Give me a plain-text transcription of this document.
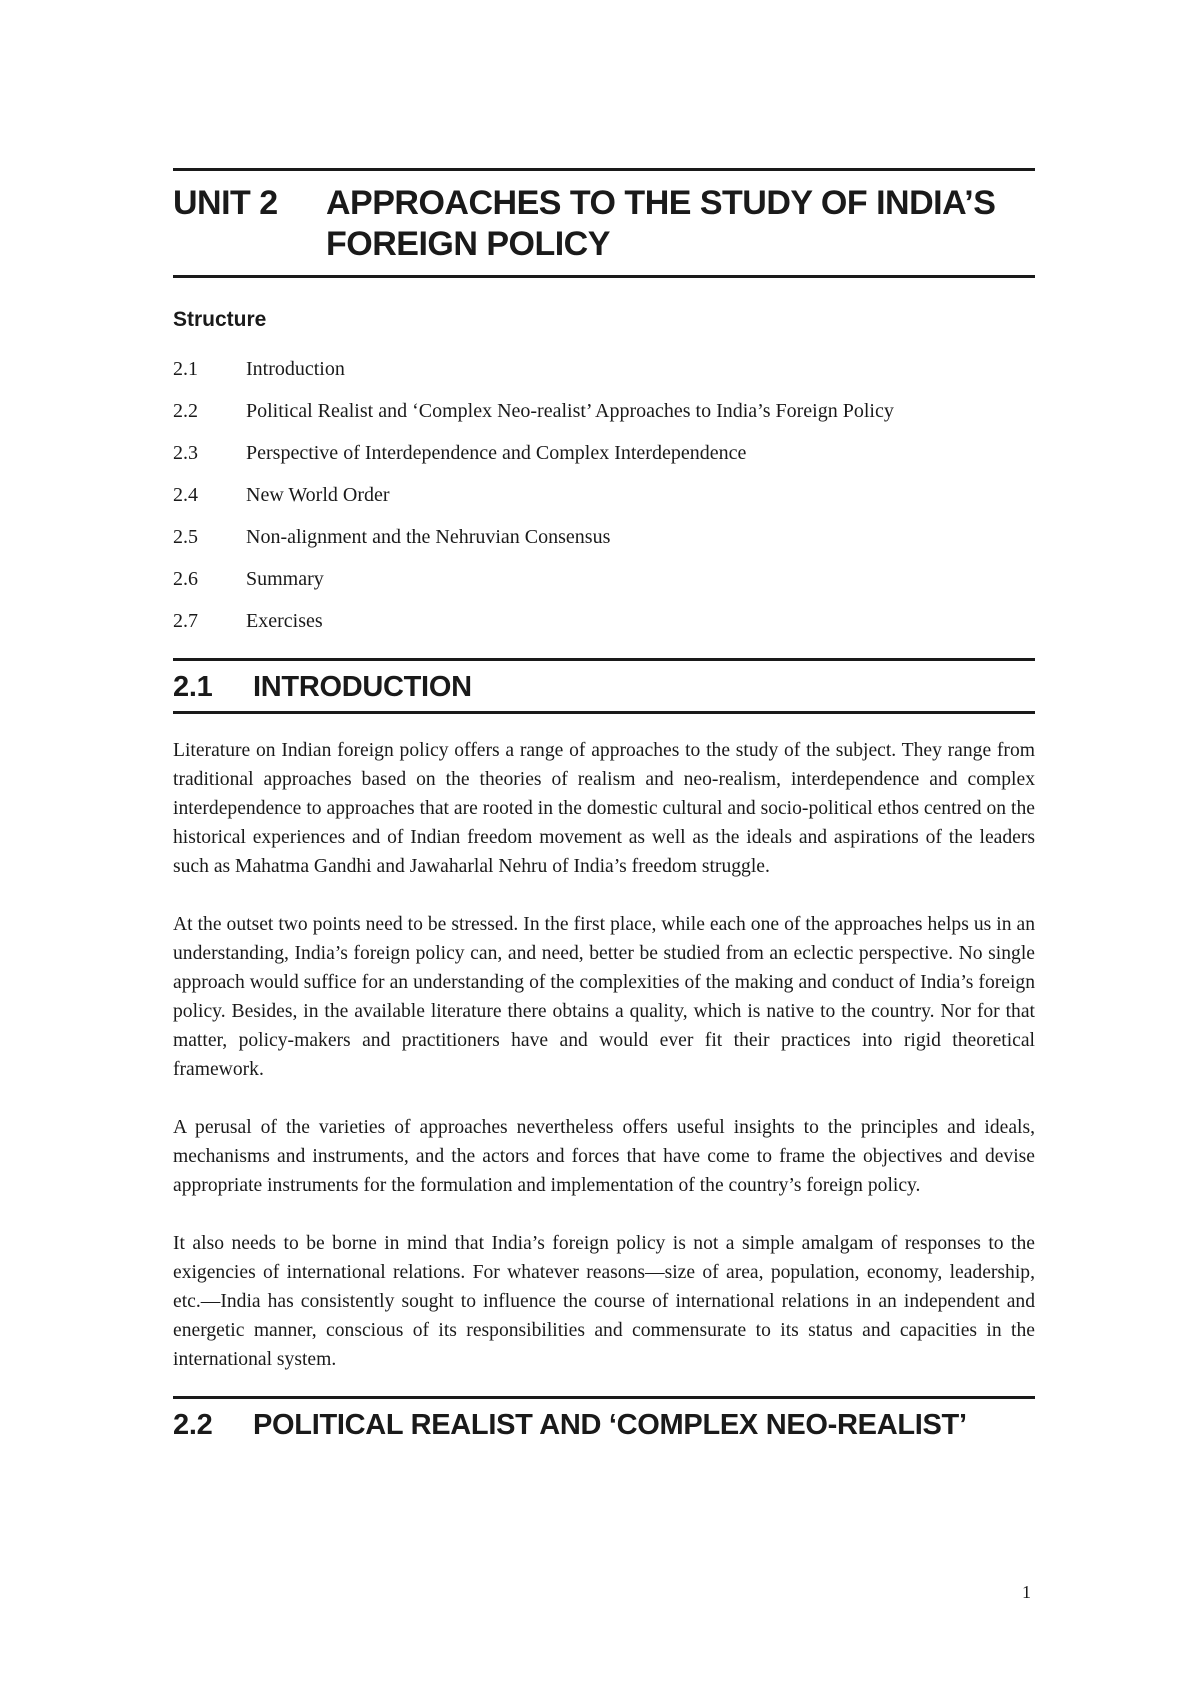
UNIT 2	APPROACHES TO THE STUDY OF INDIA’S
FOREIGN POLICY
Structure
2.1	Introduction
2.2	Political Realist and ‘Complex Neo-realist’ Approaches to India’s Foreign Policy
2.3	Perspective of Interdependence and Complex Interdependence
2.4	New World Order
2.5	Non-alignment and the Nehruvian Consensus
2.6	Summary
2.7	Exercises
2.1	INTRODUCTION

Literature on Indian foreign policy offers a range of approaches to the study of the subject. They range from traditional approaches based on the theories of realism and neo-realism, interdependence and complex interdependence to approaches that are rooted in the domestic cultural and socio-political ethos centred on the historical experiences and of Indian freedom movement as well as the ideals and aspirations of the leaders such as Mahatma Gandhi and Jawaharlal Nehru of India’s freedom struggle.

At the outset two points need to be stressed. In the first place, while each one of the approaches helps us in an understanding, India’s foreign policy can, and need, better be studied from an eclectic perspective. No single approach would suffice for an understanding of the complexities of the making and conduct of India’s foreign policy. Besides, in the available literature there obtains a quality, which is native to the country. Nor for that matter, policy-makers and practitioners have and would ever fit their practices into rigid theoretical framework.

A perusal of the varieties of approaches nevertheless offers useful insights to the principles and ideals, mechanisms and instruments, and the actors and forces that have come to frame the objectives and devise appropriate instruments for the formulation and implementation of the country’s foreign policy.

It also needs to be borne in mind that India’s foreign policy is not a simple amalgam of responses to the exigencies of international relations. For whatever reasons—size of area, population, economy, leadership, etc.—India has consistently sought to influence the course of international relations in an independent and energetic manner, conscious of its responsibilities and commensurate to its status and capacities in the international system.

2.2	POLITICAL REALIST AND ‘COMPLEX NEO-REALIST’
1
